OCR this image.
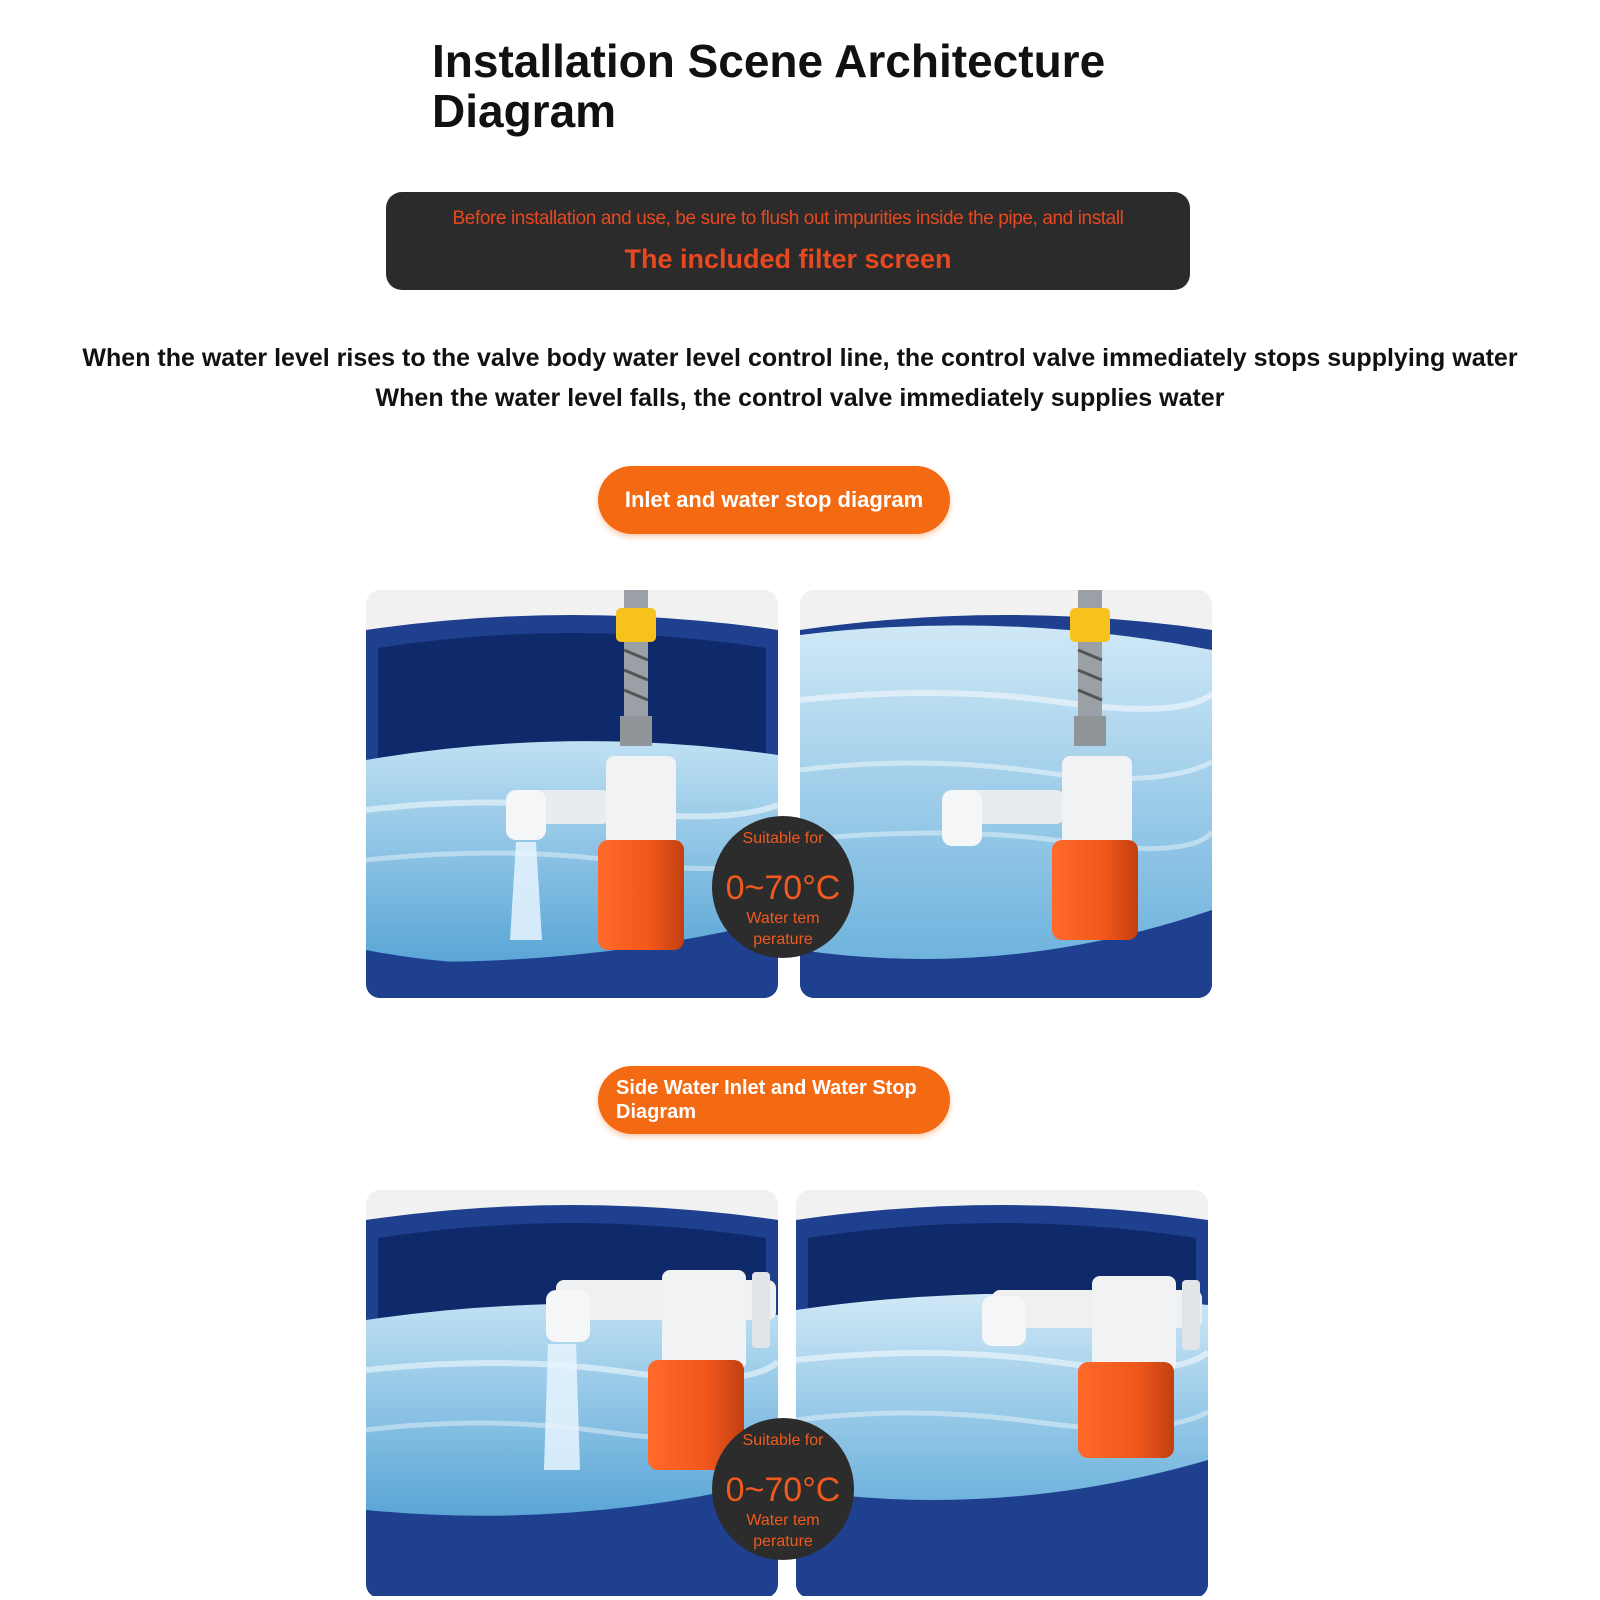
Installation Scene Architecture Diagram
Before installation and use, be sure to flush out impurities inside the pipe, and install
The included filter screen
When the water level rises to the valve body water level control line, the control valve immediately stops supplying water
When the water level falls, the control valve immediately supplies water
Inlet and water stop diagram
Suitable for
0~70°C
Water temperature
Side Water Inlet and Water Stop Diagram
Suitable for
0~70°C
Water temperature
